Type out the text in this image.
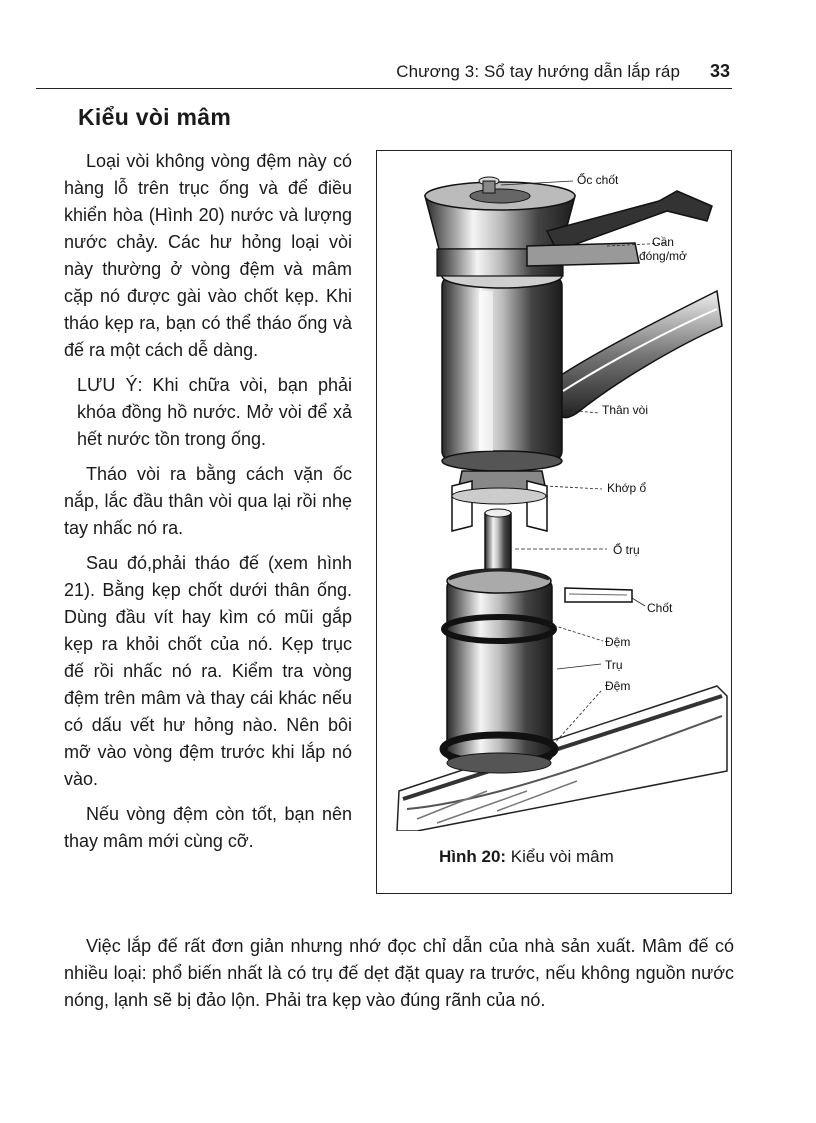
Chương 3: Sổ tay hướng dẫn lắp ráp 33
Kiểu vòi mâm

Loại vòi không vòng đệm này có hàng lỗ trên trục ống và để điều khiển hòa (Hình 20) nước và lượng nước chảy. Các hư hỏng loại vòi này thường ở vòng đệm và mâm cặp nó được gài vào chốt kẹp. Khi tháo kẹp ra, bạn có thể tháo ống và đế ra một cách dễ dàng.

LƯU Ý: Khi chữa vòi, bạn phải khóa đồng hồ nước. Mở vòi để xả hết nước tồn trong ống.

Tháo vòi ra bằng cách vặn ốc nắp, lắc đầu thân vòi qua lại rồi nhẹ tay nhấc nó ra.

Sau đó,phải tháo đế (xem hình 21). Bằng kẹp chốt dưới thân ống. Dùng đầu vít hay kìm có mũi gắp kẹp ra khỏi chốt của nó. Kẹp trục đế rồi nhấc nó ra. Kiểm tra vòng đệm trên mâm và thay cái khác nếu có dấu vết hư hỏng nào. Nên bôi mỡ vào vòng đệm trước khi lắp nó vào.

Nếu vòng đệm còn tốt, bạn nên thay mâm mới cùng cỡ.

Ốc chốt
Cần
đóng/mở
Thân vòi
Khớp ổ
Ổ trụ
Chốt
Đệm
Trụ
Đệm
Hình 20: Kiểu vòi mâm

Việc lắp đế rất đơn giản nhưng nhớ đọc chỉ dẫn của nhà sản xuất. Mâm đế có nhiều loại: phổ biến nhất là có trụ đế dẹt đặt quay ra trước, nếu không nguồn nước nóng, lạnh sẽ bị đảo lộn. Phải tra kẹp vào đúng rãnh của nó.
